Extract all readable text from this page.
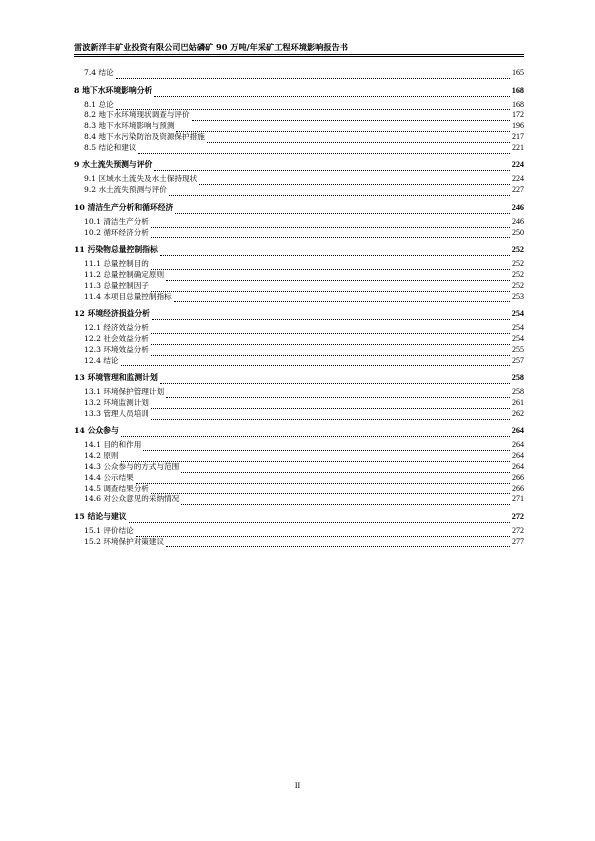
雷波新洋丰矿业投资有限公司巴姑磷矿 90 万吨/年采矿工程环境影响报告书
7.4 结论	165
8 地下水环境影响分析	168
8.1 总论	168
8.2 地下水环境现状调查与评价	172
8.3 地下水环境影响与预测	196
8.4 地下水污染防治及资源保护措施	217
8.5 结论和建议	221
9 水土流失预测与评价	224
9.1 区域水土流失及水土保持现状	224
9.2 水土流失预测与评价	227
10 清洁生产分析和循环经济	246
10.1 清洁生产分析	246
10.2 循环经济分析	250
11 污染物总量控制指标	252
11.1 总量控制目的	252
11.2 总量控制确定原则	252
11.3 总量控制因子	252
11.4 本项目总量控制指标	253
12 环境经济损益分析	254
12.1 经济效益分析	254
12.2 社会效益分析	254
12.3 环境效益分析	255
12.4 结论	257
13 环境管理和监测计划	258
13.1 环境保护管理计划	258
13.2 环境监测计划	261
13.3 管理人员培训	262
14 公众参与	264
14.1 目的和作用	264
14.2 原则	264
14.3 公众参与的方式与范围	264
14.4 公示结果	266
14.5 调查结果分析	266
14.6 对公众意见的采纳情况	271
15 结论与建议	272
15.1 评价结论	272
15.2 环境保护对策建议	277
II
